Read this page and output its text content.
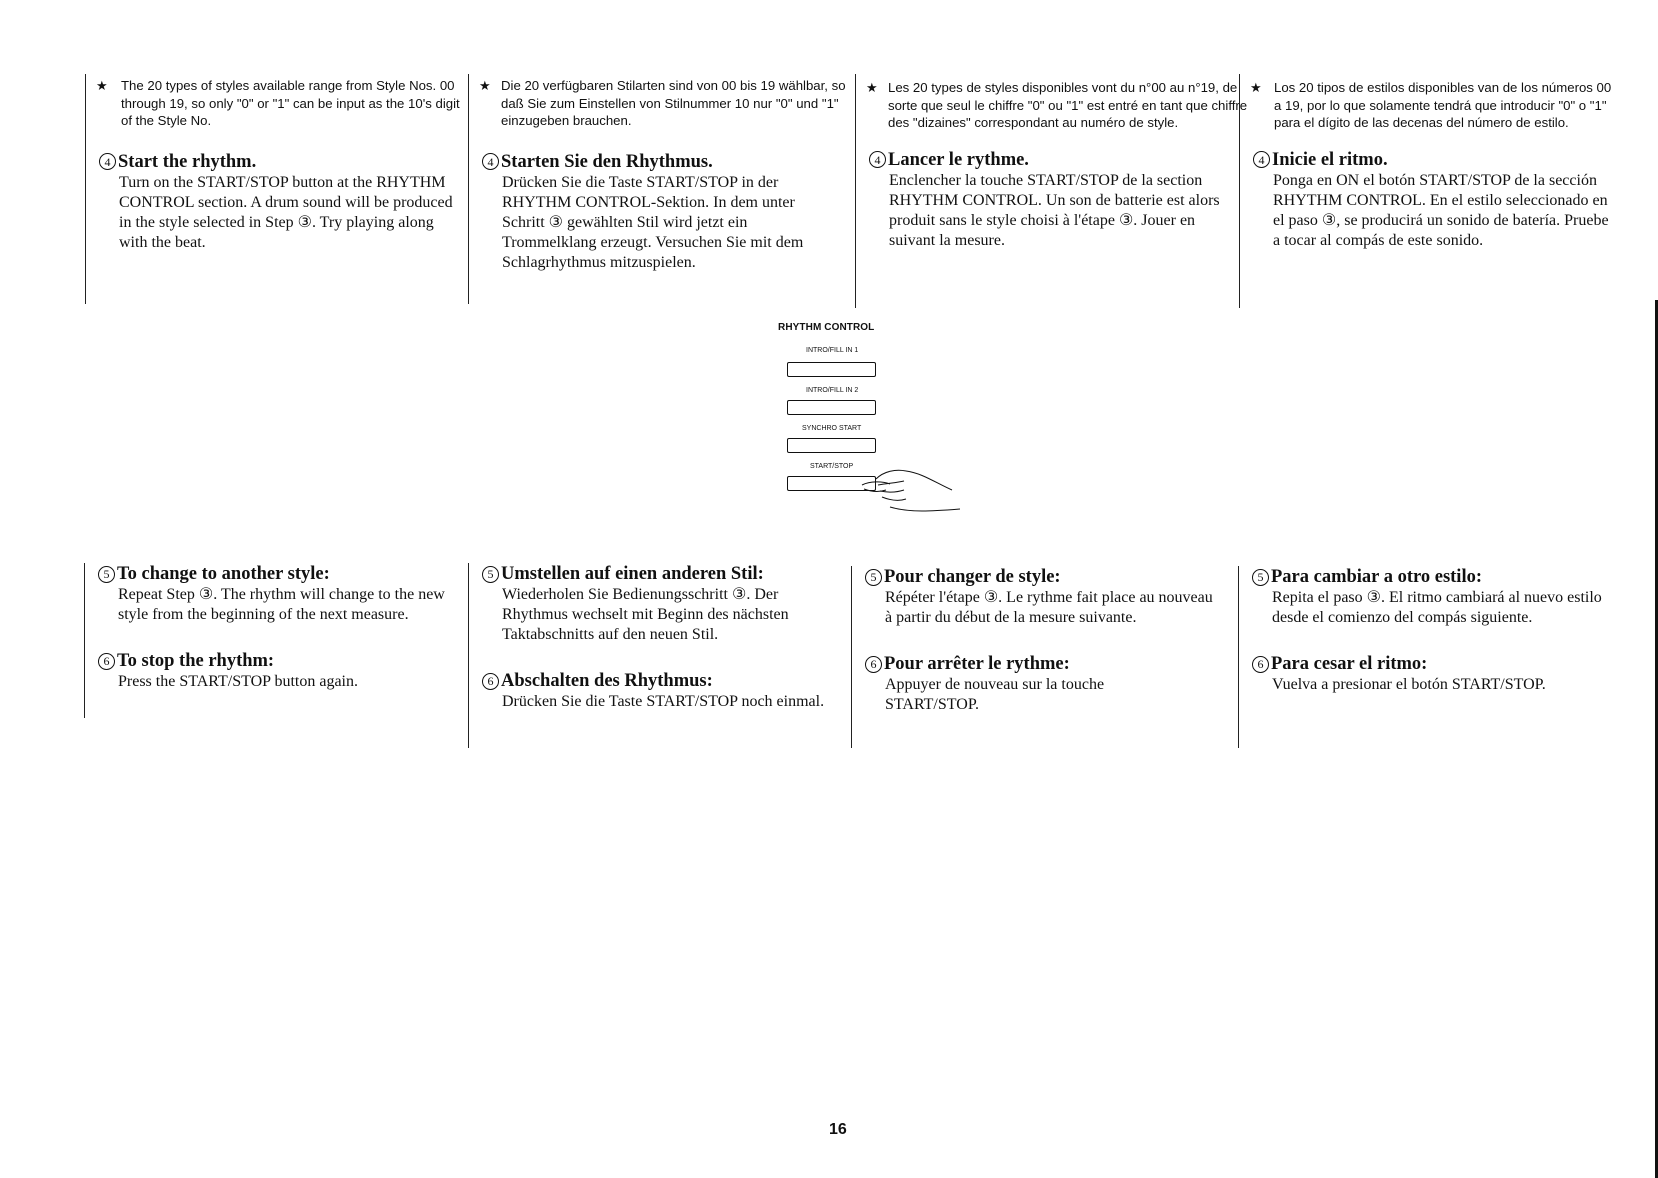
★ The 20 types of styles available range from Style Nos. 00 through 19, so only "0" or "1" can be input as the 10's digit of the Style No.
4 Start the rhythm.
Turn on the START/STOP button at the RHYTHM CONTROL section. A drum sound will be produced in the style selected in Step ③. Try playing along with the beat.
★ Die 20 verfügbaren Stilarten sind von 00 bis 19 wählbar, so daß Sie zum Einstellen von Stilnummer 10 nur "0" und "1" einzugeben brauchen.
4 Starten Sie den Rhythmus.
Drücken Sie die Taste START/STOP in der RHYTHM CONTROL-Sektion. In dem unter Schritt ③ gewählten Stil wird jetzt ein Trommelklang erzeugt. Versuchen Sie mit dem Schlagrhythmus mitzuspielen.
★ Les 20 types de styles disponibles vont du n°00 au n°19, de sorte que seul le chiffre "0" ou "1" est entré en tant que chiffre des "dizaines" correspondant au numéro de style.
4 Lancer le rythme.
Enclencher la touche START/STOP de la section RHYTHM CONTROL. Un son de batterie est alors produit sans le style choisi à l'étape ③. Jouer en suivant la mesure.
★ Los 20 tipos de estilos disponibles van de los números 00 a 19, por lo que solamente tendrá que introducir "0" o "1" para el dígito de las decenas del número de estilo.
4 Inicie el ritmo.
Ponga en ON el botón START/STOP de la sección RHYTHM CONTROL. En el estilo seleccionado en el paso ③, se producirá un sonido de batería. Pruebe a tocar al compás de este sonido.
RHYTHM CONTROL
INTRO/FILL IN 1
INTRO/FILL IN 2
SYNCHRO START
START/STOP
5 To change to another style:
Repeat Step ③. The rhythm will change to the new style from the beginning of the next measure.
6 To stop the rhythm:
Press the START/STOP button again.
5 Umstellen auf einen anderen Stil:
Wiederholen Sie Bedienungsschritt ③. Der Rhythmus wechselt mit Beginn des nächsten Taktabschnitts auf den neuen Stil.
6 Abschalten des Rhythmus:
Drücken Sie die Taste START/STOP noch einmal.
5 Pour changer de style:
Répéter l'étape ③. Le rythme fait place au nouveau à partir du début de la mesure suivante.
6 Pour arrêter le rythme:
Appuyer de nouveau sur la touche START/STOP.
5 Para cambiar a otro estilo:
Repita el paso ③. El ritmo cambiará al nuevo estilo desde el comienzo del compás siguiente.
6 Para cesar el ritmo:
Vuelva a presionar el botón START/STOP.
16
